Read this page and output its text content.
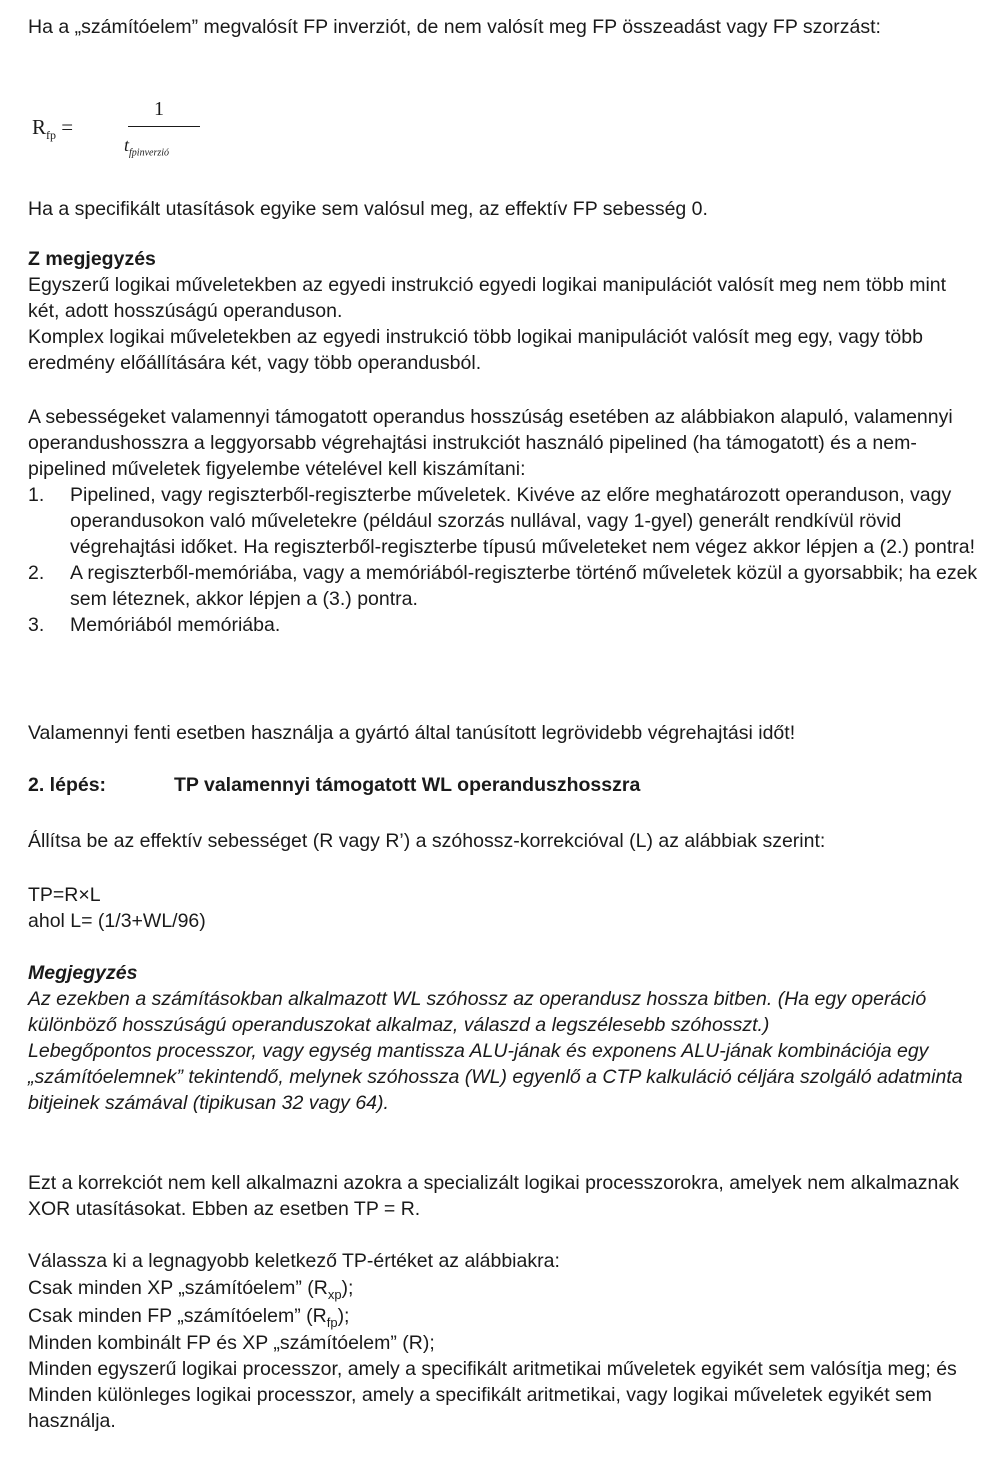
Ha a „számítóelem” megvalósít FP inverziót, de nem valósít meg FP összeadást vagy FP szorzást:

$R_{fp}$ =
1
$t_{fpinverzió}$

Ha a specifikált utasítások egyike sem valósul meg, az effektív FP sebesség 0.

Z megjegyzés

Egyszerű logikai műveletekben az egyedi instrukció egyedi logikai manipulációt valósít meg nem több mint két, adott hosszúságú operanduson.

Komplex logikai műveletekben az egyedi instrukció több logikai manipulációt valósít meg egy, vagy több eredmény előállítására két, vagy több operandusból.

A sebességeket valamennyi támogatott operandus hosszúság esetében az alábbiakon alapuló, valamennyi operandushosszra a leggyorsabb végrehajtási instrukciót használó pipelined (ha támogatott) és a nem- pipelined műveletek figyelembe vételével kell kiszámítani:

1. Pipelined, vagy regiszterből-regiszterbe műveletek. Kivéve az előre meghatározott operanduson, vagy operandusokon való műveletekre (például szorzás nullával, vagy 1-gyel) generált rendkívül rövid végrehajtási időket. Ha regiszterből-regiszterbe típusú műveleteket nem végez akkor lépjen a (2.) pontra!
2. A regiszterből-memóriába, vagy a memóriából-regiszterbe történő műveletek közül a gyorsabbik; ha ezek sem léteznek, akkor lépjen a (3.) pontra.
3. Memóriából memóriába.

Valamennyi fenti esetben használja a gyártó által tanúsított legrövidebb végrehajtási időt!

2. lépés:	TP valamennyi támogatott WL operanduszhosszra

Állítsa be az effektív sebességet (R vagy R’) a szóhossz-korrekcióval (L) az alábbiak szerint:

TP=R×L

ahol L= (1/3+WL/96)

Megjegyzés

Az ezekben a számításokban alkalmazott WL szóhossz az operandusz hossza bitben. (Ha egy operáció különböző hosszúságú operanduszokat alkalmaz, válaszd a legszélesebb szóhosszt.)

Lebegőpontos processzor, vagy egység mantissza ALU-jának és exponens ALU-jának kombinációja egy „számítóelemnek” tekintendő, melynek szóhossza (WL) egyenlő a CTP kalkuláció céljára szolgáló adatminta bitjeinek számával (tipikusan 32 vagy 64).

Ezt a korrekciót nem kell alkalmazni azokra a specializált logikai processzorokra, amelyek nem alkalmaznak XOR utasításokat. Ebben az esetben TP = R.

Válassza ki a legnagyobb keletkező TP-értéket az alábbiakra:

Csak minden XP „számítóelem” $(R_{xp})$;

Csak minden FP „számítóelem” $(R_{fp})$;

Minden kombinált FP és XP „számítóelem” (R);

Minden egyszerű logikai processzor, amely a specifikált aritmetikai műveletek egyikét sem valósítja meg; és

Minden különleges logikai processzor, amely a specifikált aritmetikai, vagy logikai műveletek egyikét sem használja.
